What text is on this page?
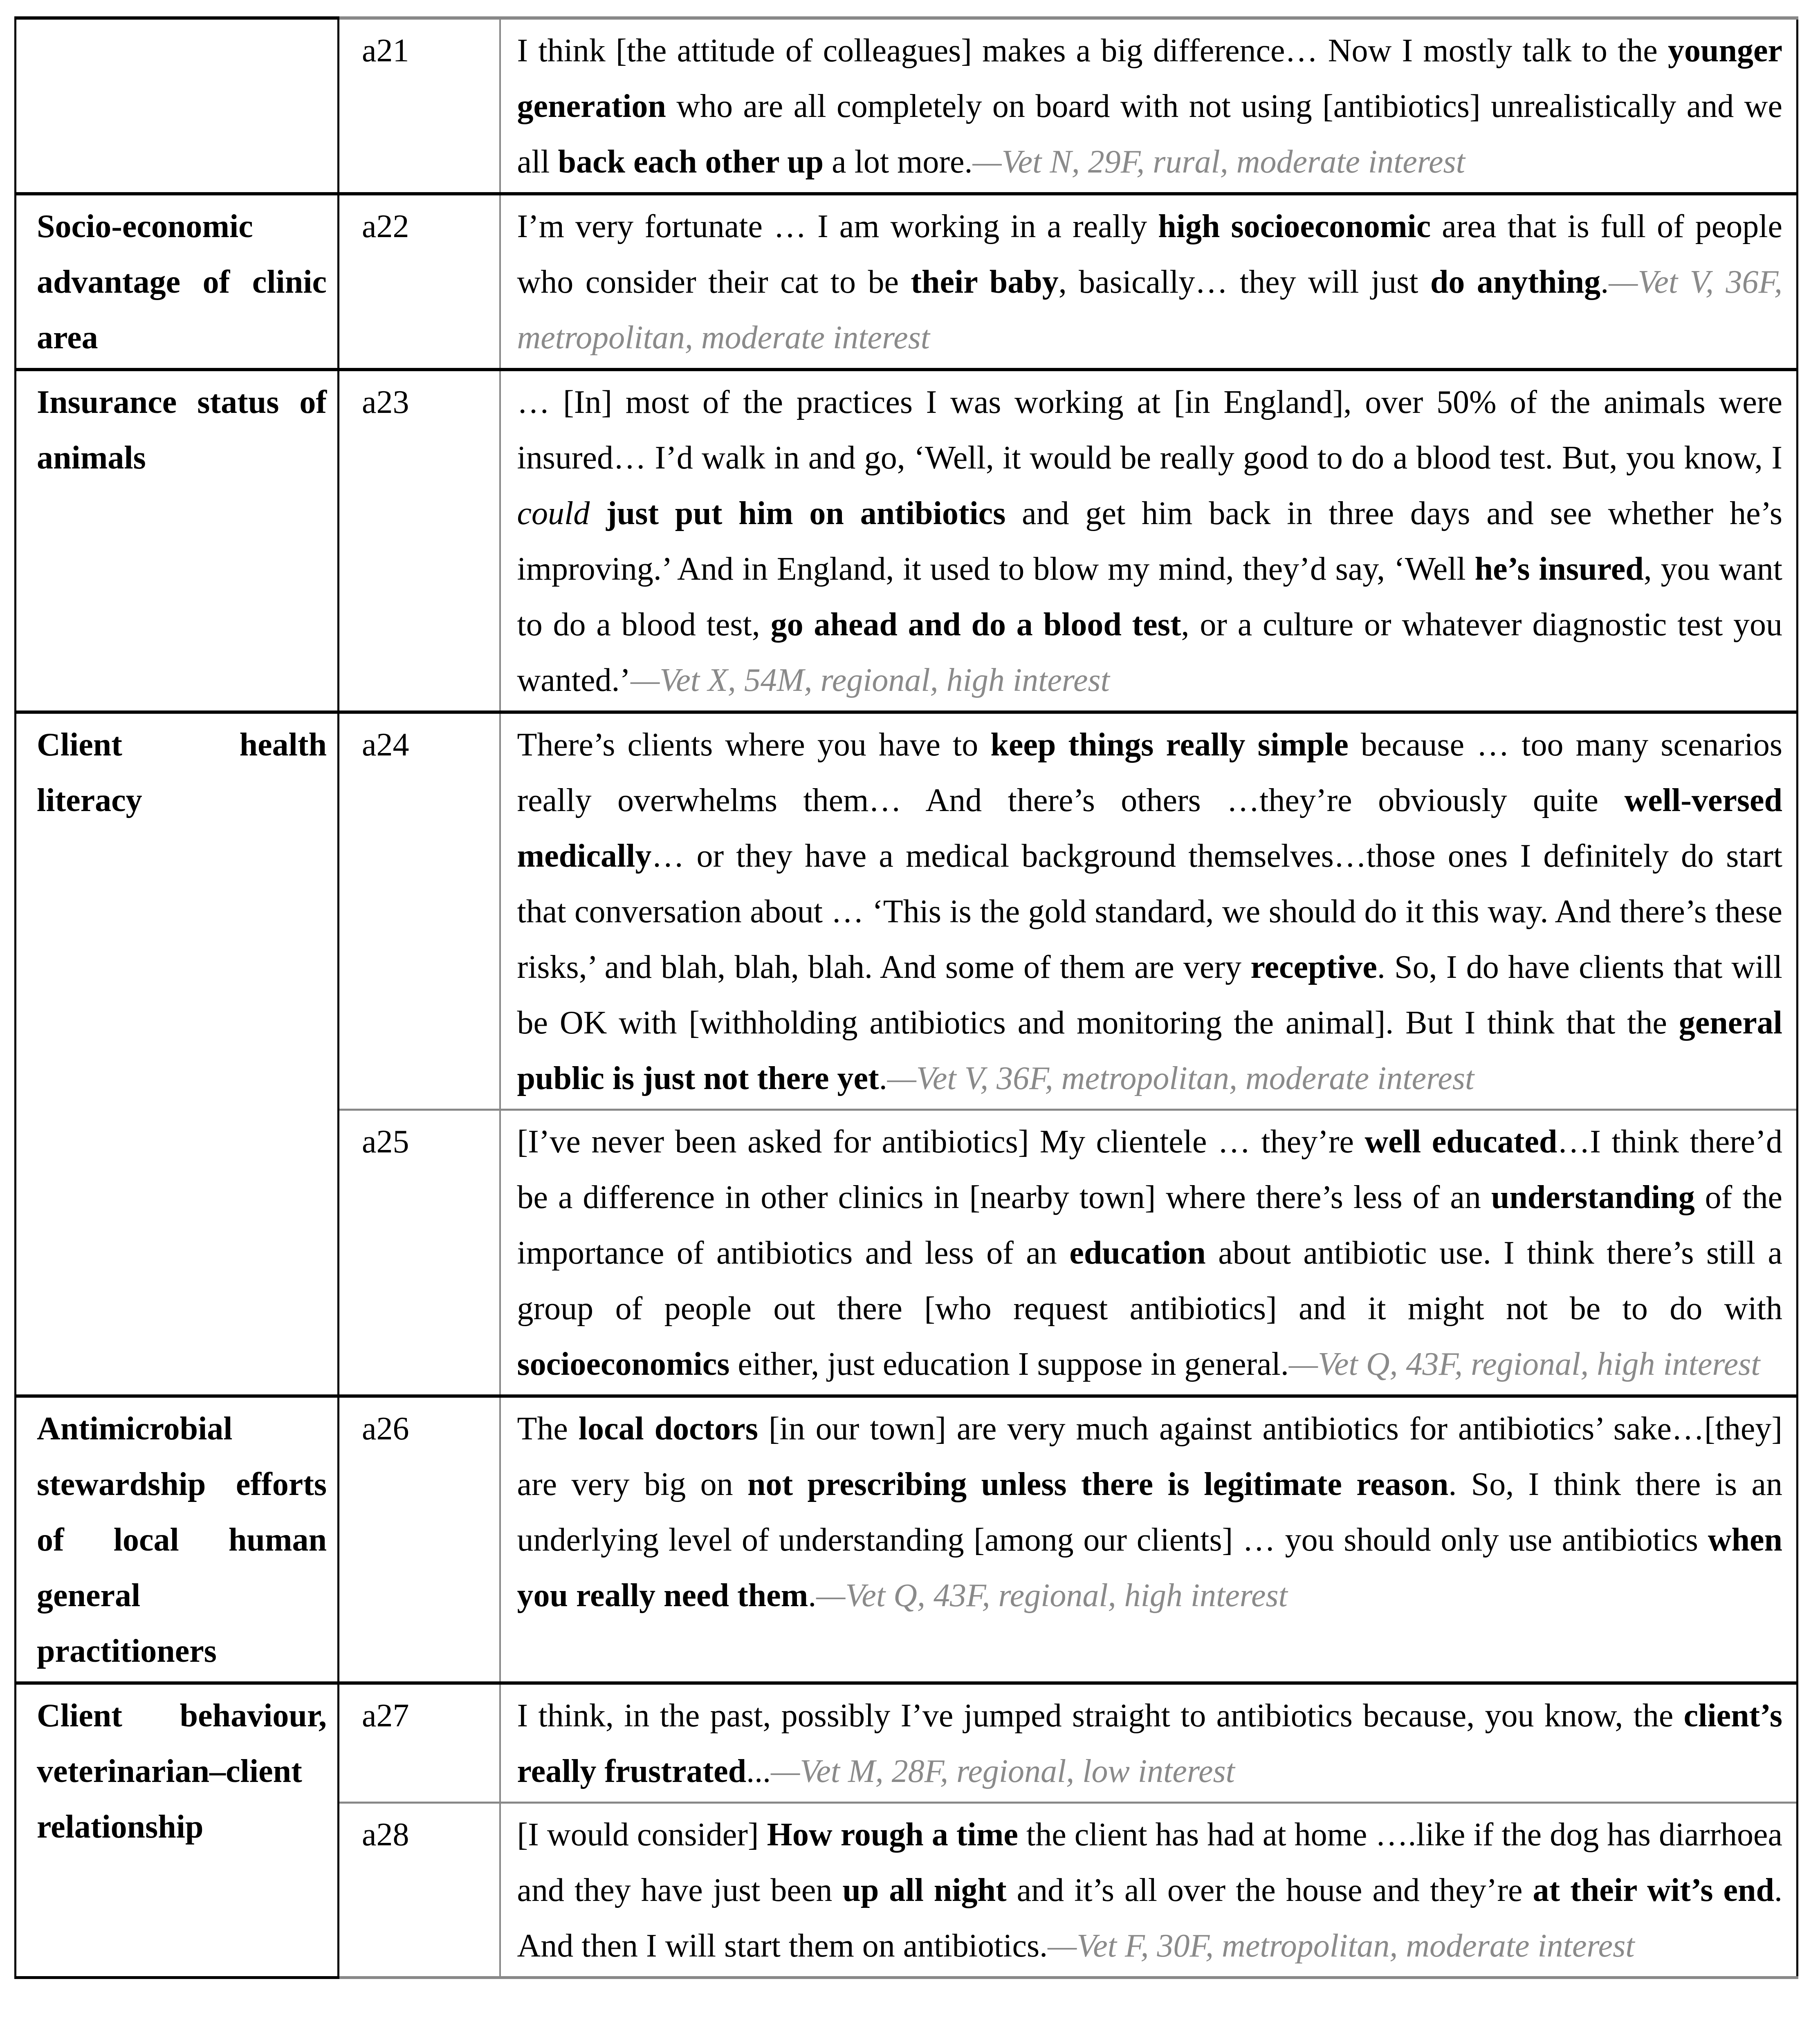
	a21	I think [the attitude of colleagues] makes a big difference… Now I mostly talk to the younger generation who are all completely on board with not using [antibiotics] unrealistically and we all back each other up a lot more.—Vet N, 29F, rural, moderate interest

Socio-economic advantage of clinic area	a22	I’m very fortunate … I am working in a really high socioeconomic area that is full of people who consider their cat to be their baby, basically… they will just do anything.—Vet V, 36F, metropolitan, moderate interest

Insurance status of animals	a23	… [In] most of the practices I was working at [in England], over 50% of the animals were insured… I’d walk in and go, ‘Well, it would be really good to do a blood test. But, you know, I could just put him on antibiotics and get him back in three days and see whether he’s improving.’ And in England, it used to blow my mind, they’d say, ‘Well he’s insured, you want to do a blood test, go ahead and do a blood test, or a culture or whatever diagnostic test you wanted.’—Vet X, 54M, regional, high interest

Client health literacy	a24	There’s clients where you have to keep things really simple because … too many scenarios really overwhelms them… And there’s others …they’re obviously quite well-versed medically… or they have a medical background themselves…those ones I definitely do start that conversation about … ‘This is the gold standard, we should do it this way. And there’s these risks,’ and blah, blah, blah. And some of them are very receptive. So, I do have clients that will be OK with [withholding antibiotics and monitoring the animal]. But I think that the general public is just not there yet.—Vet V, 36F, metropolitan, moderate interest

	a25	[I’ve never been asked for antibiotics] My clientele … they’re well educated…I think there’d be a difference in other clinics in [nearby town] where there’s less of an understanding of the importance of antibiotics and less of an education about antibiotic use. I think there’s still a group of people out there [who request antibiotics] and it might not be to do with socioeconomics either, just education I suppose in general.—Vet Q, 43F, regional, high interest

Antimicrobial stewardship efforts of local human general practitioners	a26	The local doctors [in our town] are very much against antibiotics for antibiotics’ sake…[they] are very big on not prescribing unless there is legitimate reason. So, I think there is an underlying level of understanding [among our clients] … you should only use antibiotics when you really need them.—Vet Q, 43F, regional, high interest

Client behaviour, veterinarian–client relationship	a27	I think, in the past, possibly I’ve jumped straight to antibiotics because, you know, the client’s really frustrated...—Vet M, 28F, regional, low interest

	a28	[I would consider] How rough a time the client has had at home ….like if the dog has diarrhoea and they have just been up all night and it’s all over the house and they’re at their wit’s end. And then I will start them on antibiotics.—Vet F, 30F, metropolitan, moderate interest
